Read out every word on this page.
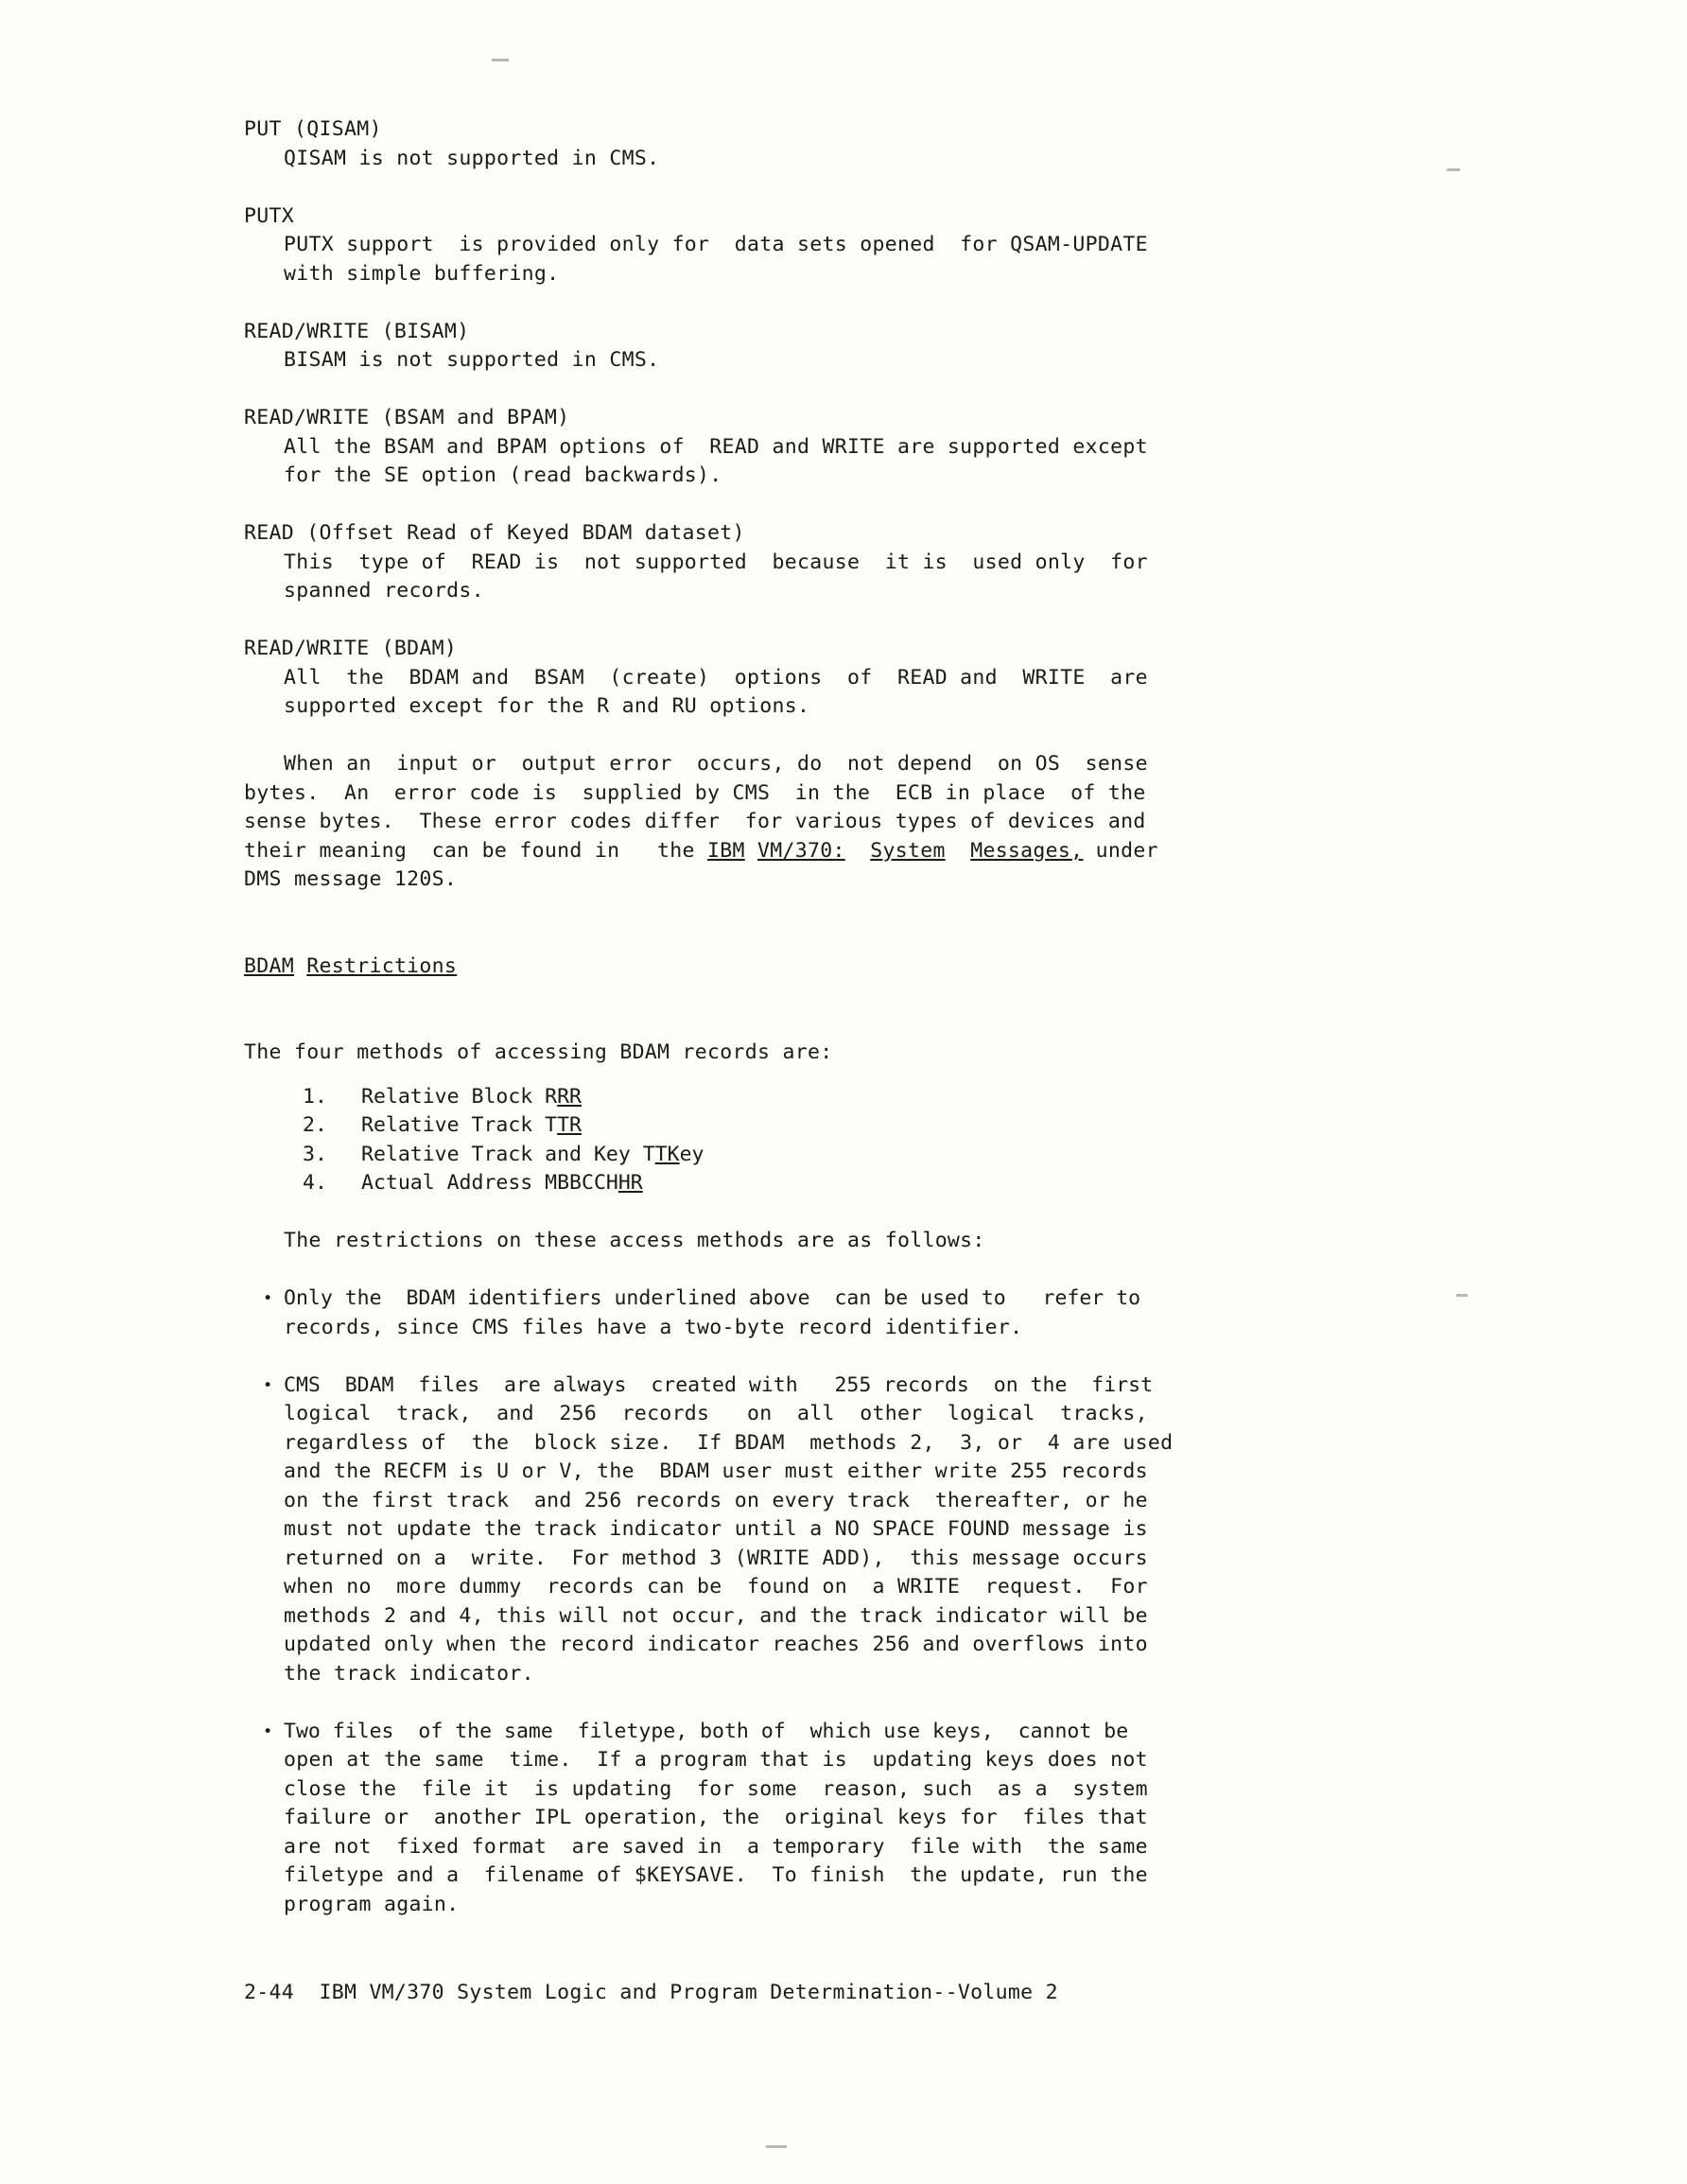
PUT (QISAM)
QISAM is not supported in CMS.
PUTX
PUTX support  is provided only for  data sets opened  for QSAM-UPDATE
with simple buffering.
READ/WRITE (BISAM)
BISAM is not supported in CMS.
READ/WRITE (BSAM and BPAM)
All the BSAM and BPAM options of  READ and WRITE are supported except
for the SE option (read backwards).
READ (Offset Read of Keyed BDAM dataset)
This  type of  READ is  not supported  because  it is  used only  for
spanned records.
READ/WRITE (BDAM)
All  the  BDAM and  BSAM  (create)  options  of  READ and  WRITE  are
supported except for the R and RU options.
When an  input or  output error  occurs, do  not depend  on OS  sense
bytes.  An  error code is  supplied by CMS  in the  ECB in place  of the
sense bytes.  These error codes differ  for various types of devices and
their meaning  can be found in   the IBM VM/370: System Messages, under
DMS message 120S.
BDAM Restrictions
The four methods of accessing BDAM records are:
1.	Relative Block RRR
2.	Relative Track TTR
3.	Relative Track and Key TTKey
4.	Actual Address MBBCCHHR
The restrictions on these access methods are as follows:
• Only the  BDAM identifiers underlined above  can be used to   refer to
records, since CMS files have a two-byte record identifier.
• CMS  BDAM  files  are always  created with   255 records  on the  first
logical  track,  and  256  records   on  all  other  logical  tracks,
regardless of  the  block size.  If BDAM  methods 2,  3, or  4 are used
and the RECFM is U or V, the  BDAM user must either write 255 records
on the first track  and 256 records on every track  thereafter, or he
must not update the track indicator until a NO SPACE FOUND message is
returned on a  write.  For method 3 (WRITE ADD),  this message occurs
when no  more dummy  records can be  found on  a WRITE  request.  For
methods 2 and 4, this will not occur, and the track indicator will be
updated only when the record indicator reaches 256 and overflows into
the track indicator.
• Two files  of the same  filetype, both of  which use keys,  cannot be
open at the same  time.  If a program that is  updating keys does not
close the  file it  is updating  for some  reason, such  as a  system
failure or  another IPL operation, the  original keys for  files that
are not  fixed format  are saved in  a temporary  file with  the same
filetype and a  filename of $KEYSAVE.  To finish  the update, run the
program again.
2-44  IBM VM/370 System Logic and Program Determination--Volume 2
